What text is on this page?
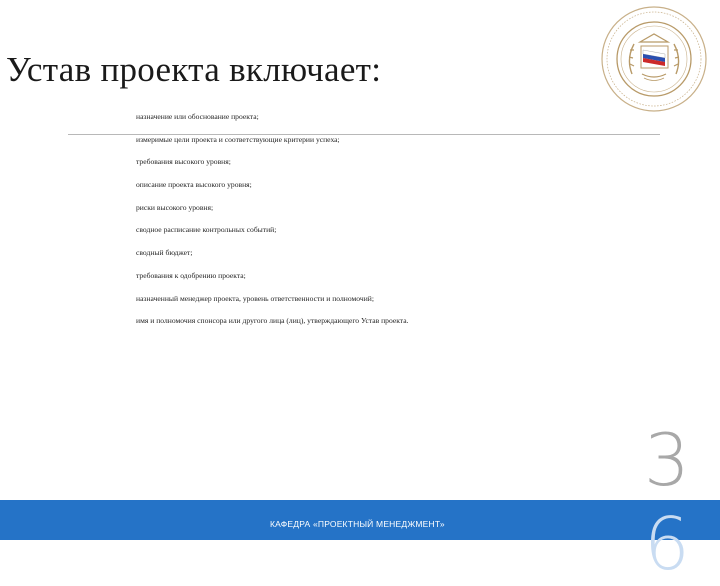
Устав проекта включает:
назначение или обоснование проекта;
измеримые цели проекта и соответствующие критерии успеха;
требования высокого уровня;
описание проекта высокого уровня;
риски высокого уровня;
сводное расписание контрольных событий;
сводный бюджет;
требования к одобрению проекта;
назначенный менеджер проекта, уровень ответственности и полномочий;
имя и полномочия спонсора или другого лица (лиц), утверждающего Устав проекта.
КАФЕДРА «ПРОЕКТНЫЙ МЕНЕДЖМЕНТ»
3
6
